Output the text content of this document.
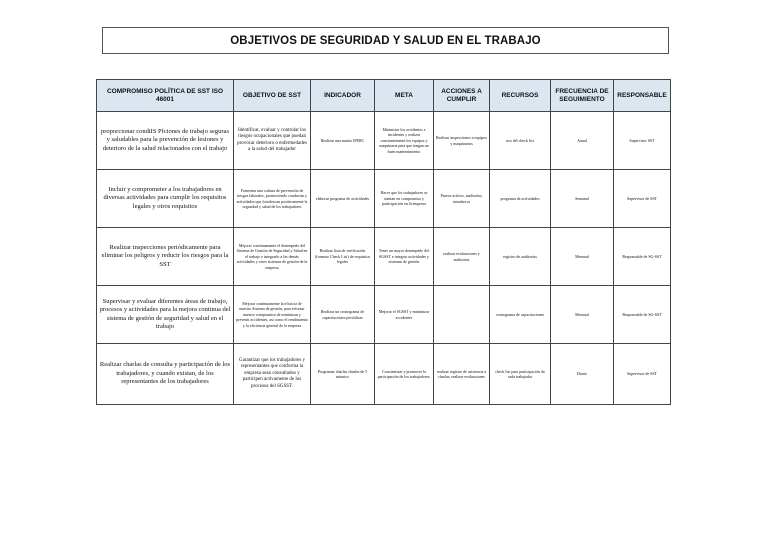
OBJETIVOS DE SEGURIDAD Y SALUD EN EL TRABAJO
COMPROMISO POLÍTICA DE SST ISO 46001	OBJETIVO DE SST	INDICADOR	META	ACCIONES A CUMPLIR	RECURSOS	FRECUENCIA DE SEGUIMIENTO	RESPONSABLE
proporcionar condiIS Pfciones de trabajo seguras y saludables para la prevención de lesiones y deterioro de la salud relacionados con el trabajo	Identificar, evaluar y controlar los riesgos ocupacionales que puedan provocar deterioro o enfermedades a la salud del trabajador	Realizar una matriz IPERC	Minimizar los accidentes e incidentes y realizar constantemente los equipos y maquinaria para que tengan un buen mantenimiento	Realizar inspecciones a equipos y maquinarias	uso del check list	Anual	Supervisor SST
Incluir y comprometer a los trabajadores en diversas actividades para cumplir los requisitos legales y otros requisitos	Fomentar una cultura de prevención de riesgos laborales, promoviendo conductas y actividades que fortalezcan positivamente la seguridad y salud de los trabajadores	elaborar programa de actividades	Hacer que los trabajadores se sientan en compromiso y participación en la empresa	Paseos activos, auditorías, simulacros	programa de actividades	Semanal	Supervisor de SST
Realizar inspecciones periódicamente para eliminar los peligros y reducir los riesgos para la SST	Mejorar continuamente el desempeño del Sistema de Gestión de Seguridad y Salud en el trabajo e integrarlo a las demás actividades y otros sistemas de gestión de la empresa	Realizar lista de verificación (formato Check List) de requisitos legales	Tener un mayor desempeño del SGSST e integrar actividades y sistemas de gestión	realizar evaluaciones y auditorias	registro de auditorias	Mensual	Responsable de SG-SST
Supervisar y evaluar diferentes áreas de trabajo, procesos y actividades para la mejora continua del sistema de gestión de seguridad y salud en el trabajo	Mejorar continuamente la eficacia de nuestro Sistema de gestión, para reforzar nuestro compromiso de minimizar y prevenir accidentes, así como el rendimiento y la eficiencia general de la empresa	Realizar un cronograma de capacitaciones periódicas	Mejorar el SGSST y minimizar accidentes		cronograma de capacitaciones	Mensual	Responsable de SG-SST
Realizar charlas de consulta y participación de los trabajadores, y cuando existan, de los representantes de los trabajadores	Garantizar que los trabajadores y representantes que conforma la empresa sean consultados y participen activamente de los procesos del SGSST.	Programar charlas charlas de 5 minutos	Concientizar y promover la participación de los trabajadores.	realizar registro de asistencia a charlas, realizar evaluaciones	check list para participación de cada trabajador	Diario	Supervisor de SST
